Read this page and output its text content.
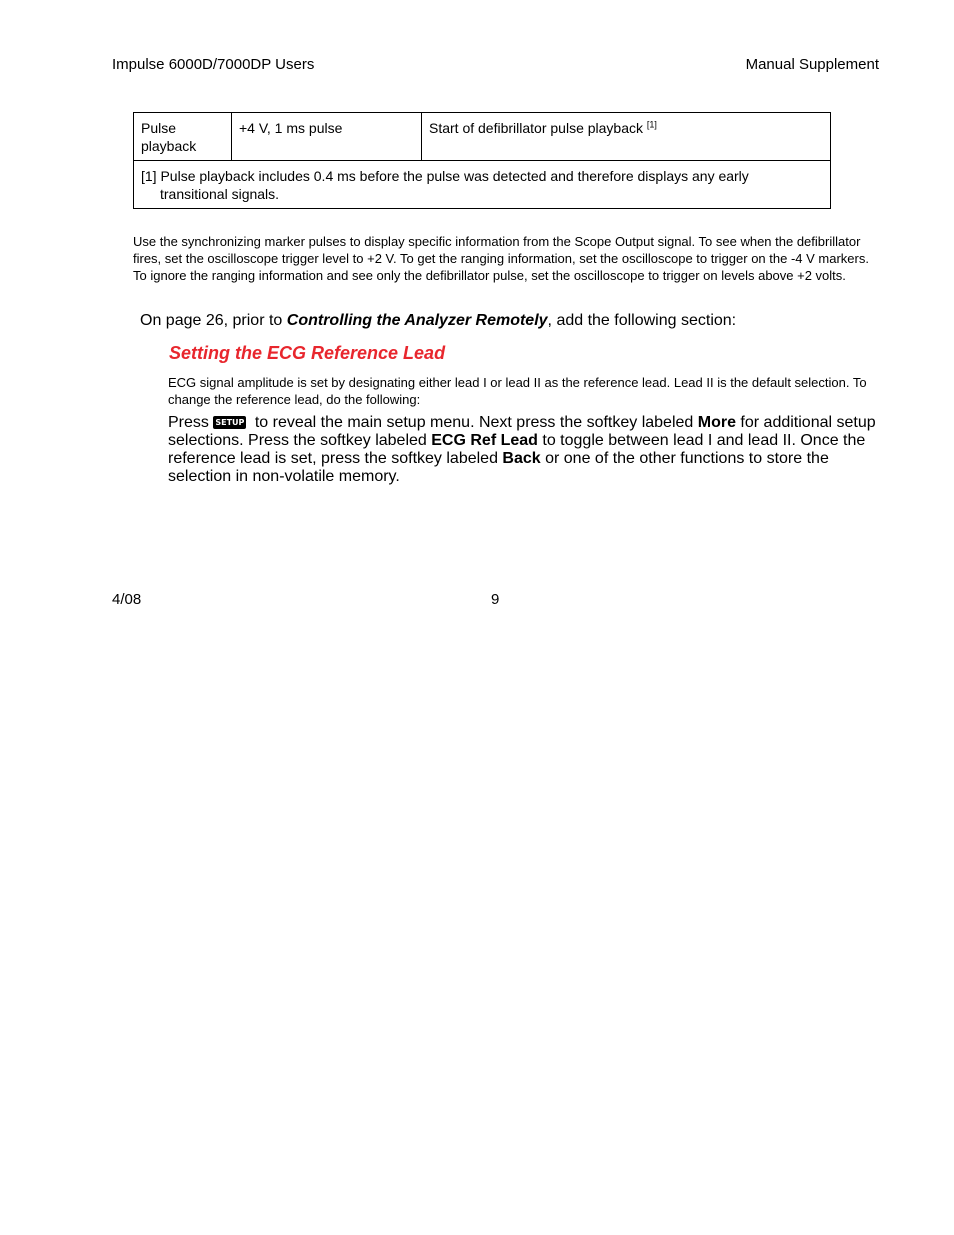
Impulse 6000D/7000DP Users	Manual Supplement
Pulse
playback	+4 V, 1 ms pulse	Start of defibrillator pulse playback [1]
[1] Pulse playback includes 0.4 ms before the pulse was detected and therefore displays any early
transitional signals.
Use the synchronizing marker pulses to display specific information from the Scope Output signal. To see when the defibrillator fires, set the oscilloscope trigger level to +2 V. To get the ranging information, set the oscilloscope to trigger on the -4 V markers. To ignore the ranging information and see only the defibrillator pulse, set the oscilloscope to trigger on levels above +2 volts.
On page 26, prior to Controlling the Analyzer Remotely, add the following section:
Setting the ECG Reference Lead
ECG signal amplitude is set by designating either lead I or lead II as the reference lead. Lead II is the default selection. To change the reference lead, do the following:
Press SETUP to reveal the main setup menu. Next press the softkey labeled More for additional setup selections. Press the softkey labeled ECG Ref Lead to toggle between lead I and lead II. Once the reference lead is set, press the softkey labeled Back or one of the other functions to store the selection in non-volatile memory.
4/08	9
